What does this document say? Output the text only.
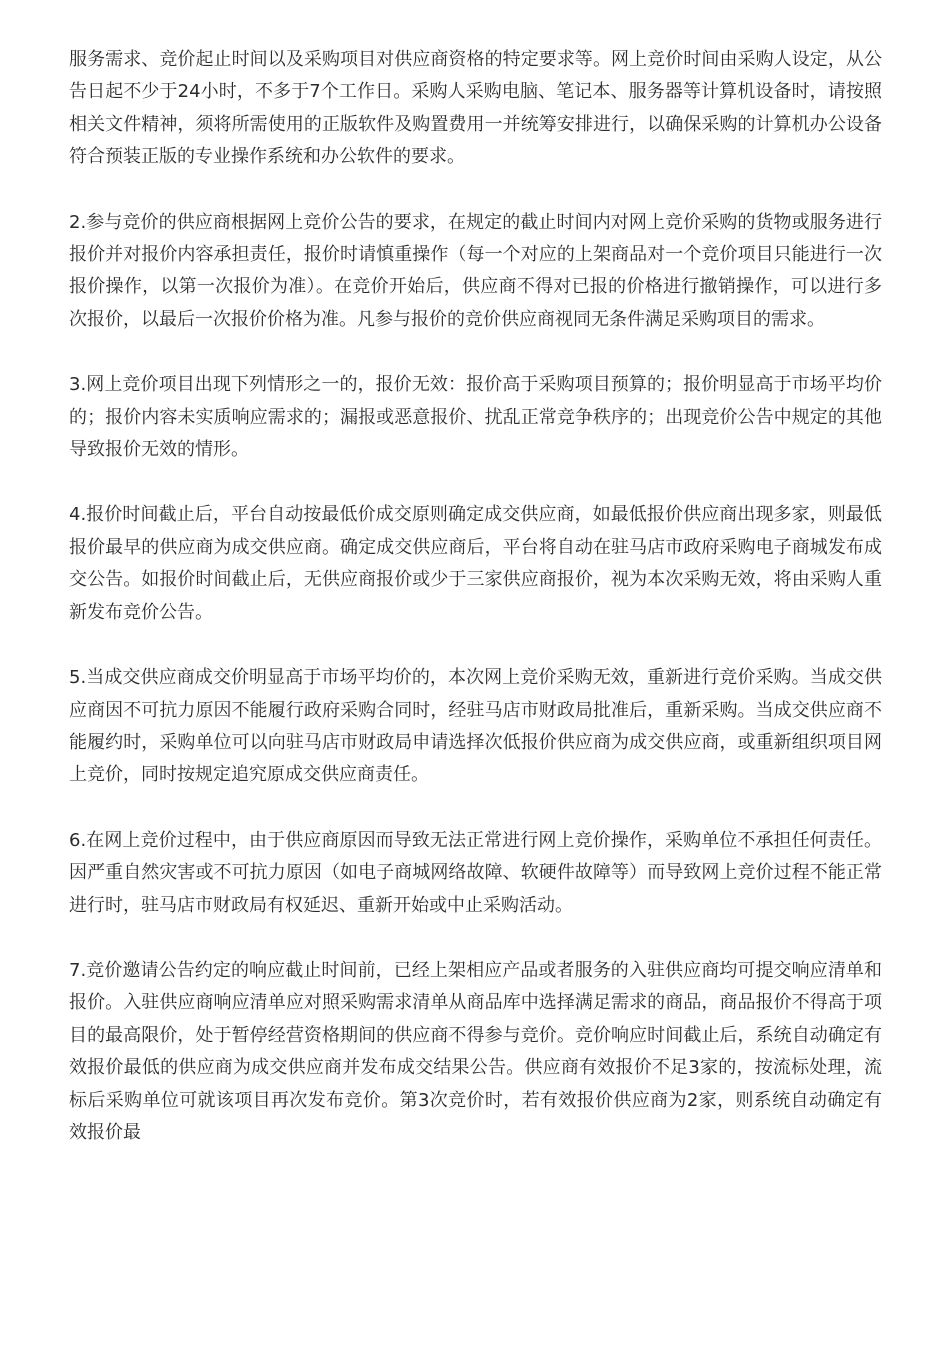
服务需求、竞价起止时间以及采购项目对供应商资格的特定要求等。网上竞价时间由采购人设定，从公告日起不少于24小时，不多于7个工作日。采购人采购电脑、笔记本、服务器等计算机设备时，请按照相关文件精神，须将所需使用的正版软件及购置费用一并统筹安排进行，以确保采购的计算机办公设备符合预装正版的专业操作系统和办公软件的要求。

2.参与竞价的供应商根据网上竞价公告的要求，在规定的截止时间内对网上竞价采购的货物或服务进行报价并对报价内容承担责任，报价时请慎重操作（每一个对应的上架商品对一个竞价项目只能进行一次报价操作，以第一次报价为准）。在竞价开始后，供应商不得对已报的价格进行撤销操作，可以进行多次报价，以最后一次报价价格为准。凡参与报价的竞价供应商视同无条件满足采购项目的需求。

3.网上竞价项目出现下列情形之一的，报价无效：报价高于采购项目预算的；报价明显高于市场平均价的；报价内容未实质响应需求的；漏报或恶意报价、扰乱正常竞争秩序的；出现竞价公告中规定的其他导致报价无效的情形。

4.报价时间截止后，平台自动按最低价成交原则确定成交供应商，如最低报价供应商出现多家，则最低报价最早的供应商为成交供应商。确定成交供应商后，平台将自动在驻马店市政府采购电子商城发布成交公告。如报价时间截止后，无供应商报价或少于三家供应商报价，视为本次采购无效，将由采购人重新发布竞价公告。

5.当成交供应商成交价明显高于市场平均价的，本次网上竞价采购无效，重新进行竞价采购。当成交供应商因不可抗力原因不能履行政府采购合同时，经驻马店市财政局批准后，重新采购。当成交供应商不能履约时，采购单位可以向驻马店市财政局申请选择次低报价供应商为成交供应商，或重新组织项目网上竞价，同时按规定追究原成交供应商责任。

6.在网上竞价过程中，由于供应商原因而导致无法正常进行网上竞价操作，采购单位不承担任何责任。因严重自然灾害或不可抗力原因（如电子商城网络故障、软硬件故障等）而导致网上竞价过程不能正常进行时，驻马店市财政局有权延迟、重新开始或中止采购活动。

7.竞价邀请公告约定的响应截止时间前，已经上架相应产品或者服务的入驻供应商均可提交响应清单和报价。入驻供应商响应清单应对照采购需求清单从商品库中选择满足需求的商品，商品报价不得高于项目的最高限价，处于暂停经营资格期间的供应商不得参与竞价。竞价响应时间截止后，系统自动确定有效报价最低的供应商为成交供应商并发布成交结果公告。供应商有效报价不足3家的，按流标处理，流标后采购单位可就该项目再次发布竞价。第3次竞价时，若有效报价供应商为2家，则系统自动确定有效报价最
